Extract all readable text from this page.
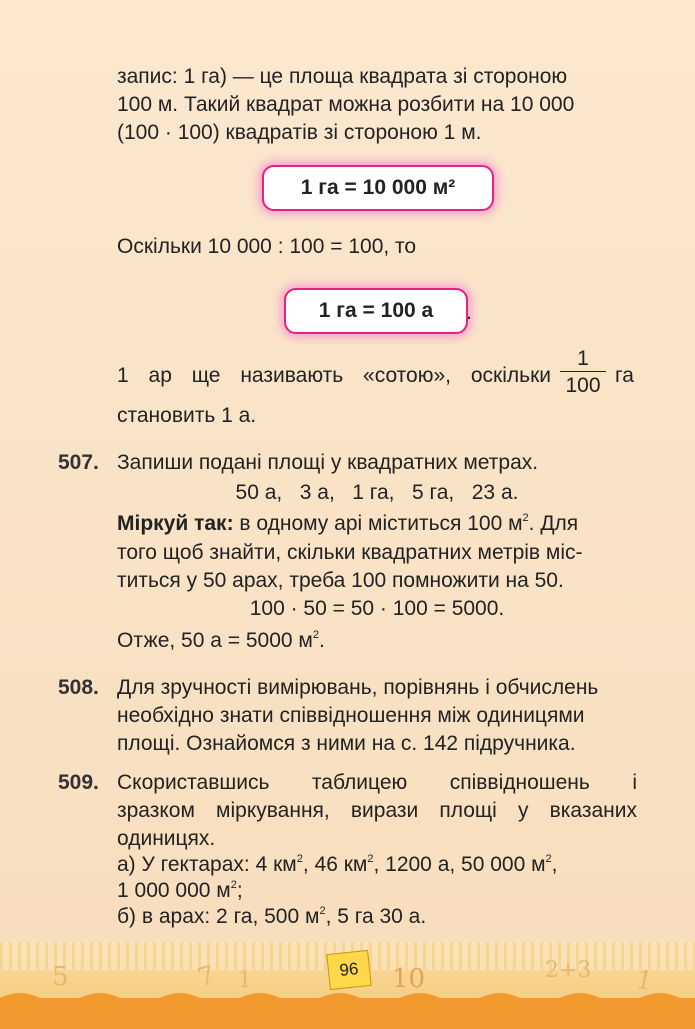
запис: 1 га) — це площа квадрата зі стороною
100 м. Такий квадрат можна розбити на 10 000
(100 · 100) квадратів зі стороною 1 м.
1 га = 10 000 м²
Оскільки 10 000 : 100 = 100, то
1 га = 100 а	.
1 ар ще називають «сотою», оскільки $\frac{1}{100}$ га
становить 1 а.
507. Запиши подані площі у квадратних метрах.
50 а,   3 а,   1 га,   5 га,   23 а.
Міркуй так: в одному арі міститься 100 $м^2$. Для
того щоб знайти, скільки квадратних метрів міс-
титься у 50 арах, треба 100 помножити на 50.
100 · 50 = 50 · 100 = 5000.
Отже, 50 а = 5000 $м^2$.
508. Для зручності вимірювань, порівнянь і обчислень
необхідно знати співвідношення між одиницями
площі. Ознайомся з ними на с. 142 підручника.
509. Скориставшись таблицею співвідношень і
зразком міркування, вирази площі у вказаних
одиницях.
а) У гектарах: 4 $км^2$, 46 $км^2$, 1200 а, 50 000 $м^2$,
1 000 000 $м^2$;
б) в арах: 2 га, 500 $м^2$, 5 га 30 а.
5	7 1	10	2+3 1
96
